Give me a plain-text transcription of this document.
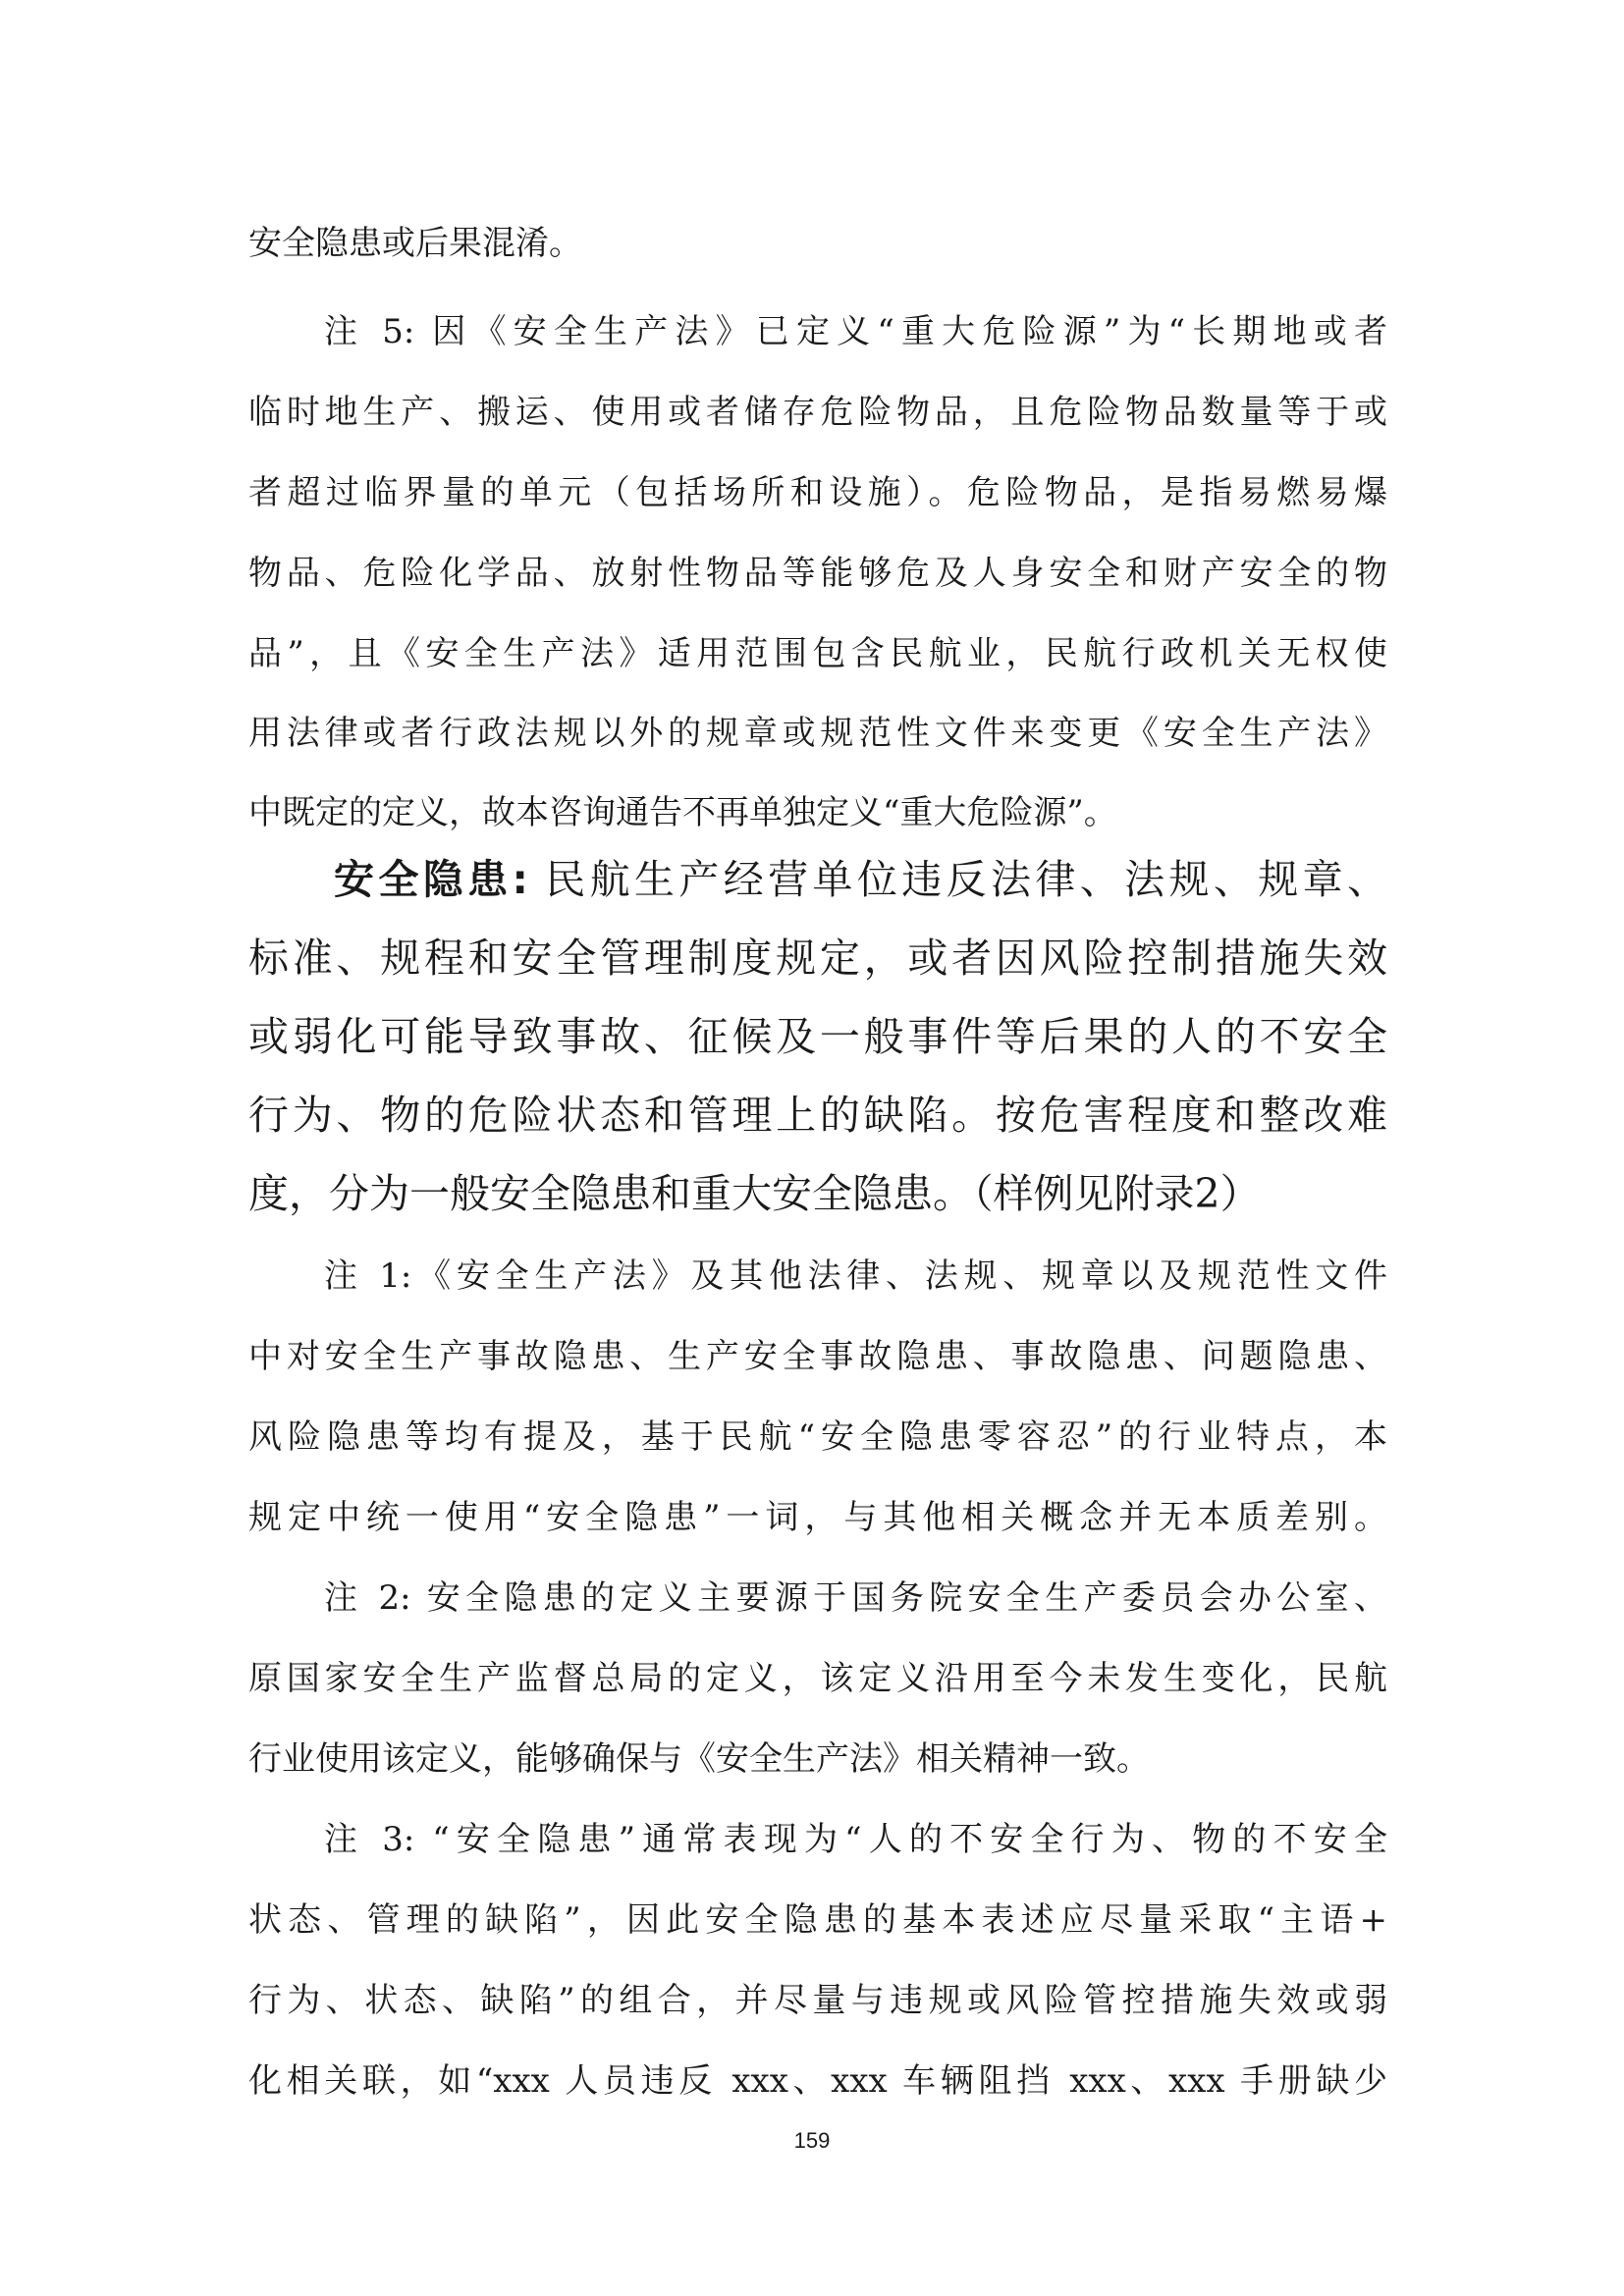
安全隐患或后果混淆。
注 5: 因《安全生产法》已定义“重大危险源”为“长期地或者
临时地生产、搬运、使用或者储存危险物品，且危险物品数量等于或
者超过临界量的单元（包括场所和设施）。危险物品，是指易燃易爆
物品、危险化学品、放射性物品等能够危及人身安全和财产安全的物
品”，且《安全生产法》适用范围包含民航业，民航行政机关无权使
用法律或者行政法规以外的规章或规范性文件来变更《安全生产法》
中既定的定义，故本咨询通告不再单独定义“重大危险源”。
安全隐患: 民航生产经营单位违反法律、法规、规章、
标准、规程和安全管理制度规定，或者因风险控制措施失效
或弱化可能导致事故、征候及一般事件等后果的人的不安全
行为、物的危险状态和管理上的缺陷。按危害程度和整改难
度，分为一般安全隐患和重大安全隐患。（样例见附录2）
注 1:《安全生产法》及其他法律、法规、规章以及规范性文件
中对安全生产事故隐患、生产安全事故隐患、事故隐患、问题隐患、
风险隐患等均有提及，基于民航“安全隐患零容忍”的行业特点，本
规定中统一使用“安全隐患”一词，与其他相关概念并无本质差别。
注 2: 安全隐患的定义主要源于国务院安全生产委员会办公室、
原国家安全生产监督总局的定义，该定义沿用至今未发生变化，民航
行业使用该定义，能够确保与《安全生产法》相关精神一致。
注 3: “安全隐患”通常表现为“人的不安全行为、物的不安全
状态、管理的缺陷”，因此安全隐患的基本表述应尽量采取“主语+
行为、状态、缺陷”的组合，并尽量与违规或风险管控措施失效或弱
化相关联，如“xxx 人员违反 xxx、xxx 车辆阻挡 xxx、xxx 手册缺少
159
